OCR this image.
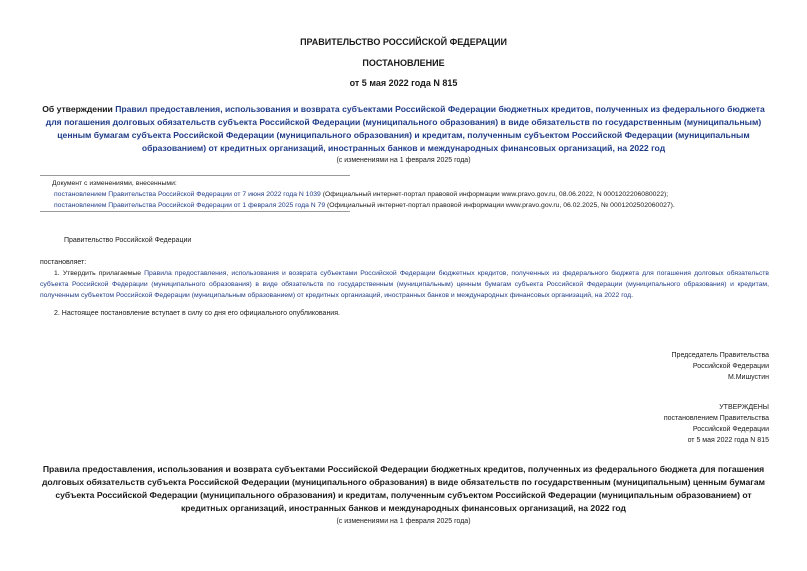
ПРАВИТЕЛЬСТВО РОССИЙСКОЙ ФЕДЕРАЦИИ
ПОСТАНОВЛЕНИЕ
от 5 мая 2022 года N 815
Об утверждении Правил предоставления, использования и возврата субъектами Российской Федерации бюджетных кредитов, полученных из федерального бюджета для погашения долговых обязательств субъекта Российской Федерации (муниципального образования) в виде обязательств по государственным (муниципальным) ценным бумагам субъекта Российской Федерации (муниципального образования) и кредитам, полученным субъектом Российской Федерации (муниципальным образованием) от кредитных организаций, иностранных банков и международных финансовых организаций, на 2022 год
(с изменениями на 1 февраля 2025 года)
Документ с изменениями, внесенными:
постановлением Правительства Российской Федерации от 7 июня 2022 года N 1039 (Официальный интернет-портал правовой информации www.pravo.gov.ru, 08.06.2022, N 0001202206080022);
постановлением Правительства Российской Федерации от 1 февраля 2025 года N 79 (Официальный интернет-портал правовой информации www.pravo.gov.ru, 06.02.2025, № 0001202502060027).
Правительство Российской Федерации
постановляет:
1. Утвердить прилагаемые Правила предоставления, использования и возврата субъектами Российской Федерации бюджетных кредитов, полученных из федерального бюджета для погашения долговых обязательств субъекта Российской Федерации (муниципального образования) в виде обязательств по государственным (муниципальным) ценным бумагам субъекта Российской Федерации (муниципального образования) и кредитам, полученным субъектом Российской Федерации (муниципальным образованием) от кредитных организаций, иностранных банков и международных финансовых организаций, на 2022 год.
2. Настоящее постановление вступает в силу со дня его официального опубликования.
Председатель Правительства
Российской Федерации
М.Мишустин
УТВЕРЖДЕНЫ
постановлением Правительства
Российской Федерации
от 5 мая 2022 года N 815
Правила предоставления, использования и возврата субъектами Российской Федерации бюджетных кредитов, полученных из федерального бюджета для погашения долговых обязательств субъекта Российской Федерации (муниципального образования) в виде обязательств по государственным (муниципальным) ценным бумагам субъекта Российской Федерации (муниципального образования) и кредитам, полученным субъектом Российской Федерации (муниципальным образованием) от кредитных организаций, иностранных банков и международных финансовых организаций, на 2022 год
(с изменениями на 1 февраля 2025 года)
